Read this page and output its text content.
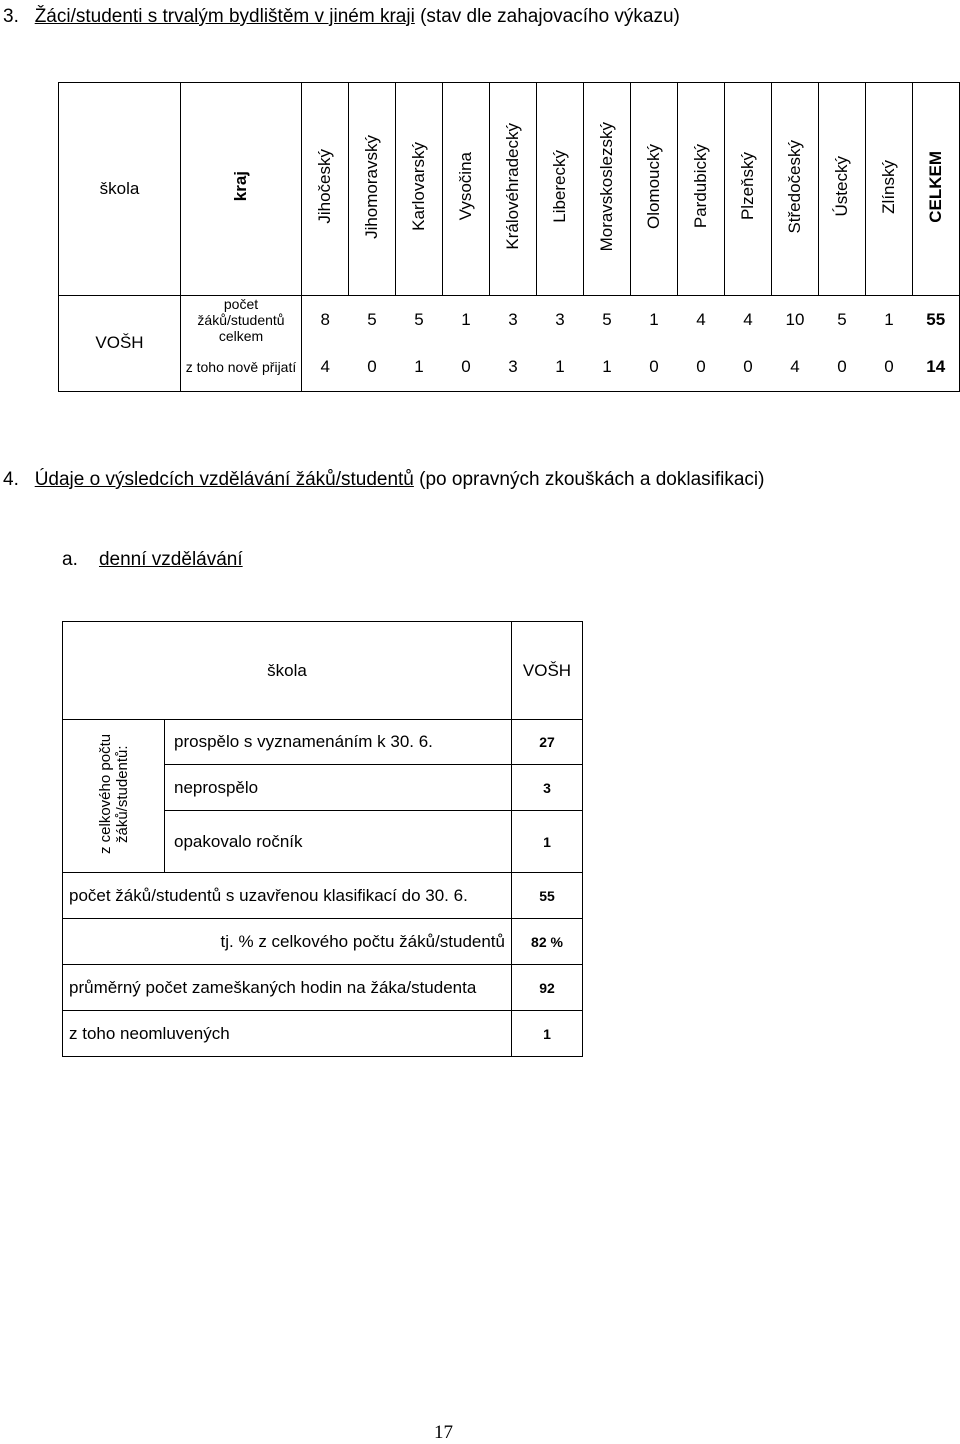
3. Žáci/studenti s trvalým bydlištěm v jiném kraji (stav dle zahajovacího výkazu)
škola	kraj	Jihočeský	Jihomoravský	Karlovarský	Vysočina	Královéhradecký	Liberecký	Moravskoslezský	Olomoucký	Pardubický	Plzeňský	Středočeský	Ústecký	Zlínský	CELKEM
VOŠH	počet žáků/studentů celkem	8	5	5	1	3	3	5	1	4	4	10	5	1	55
	z toho nově přijatí	4	0	1	0	3	1	1	0	0	0	4	0	0	14
4. Údaje o výsledcích vzdělávání žáků/studentů (po opravných zkouškách a doklasifikaci)
a. denní vzdělávání
škola		VOŠH
z celkového počtu žáků/studentů:	prospělo s vyznamenáním k 30. 6.	27
	neprospělo	3
	opakovalo ročník	1
počet žáků/studentů s uzavřenou klasifikací do 30. 6.		55
tj. % z celkového počtu žáků/studentů		82 %
průměrný počet zameškaných hodin na žáka/studenta		92
z toho neomluvených		1
17
